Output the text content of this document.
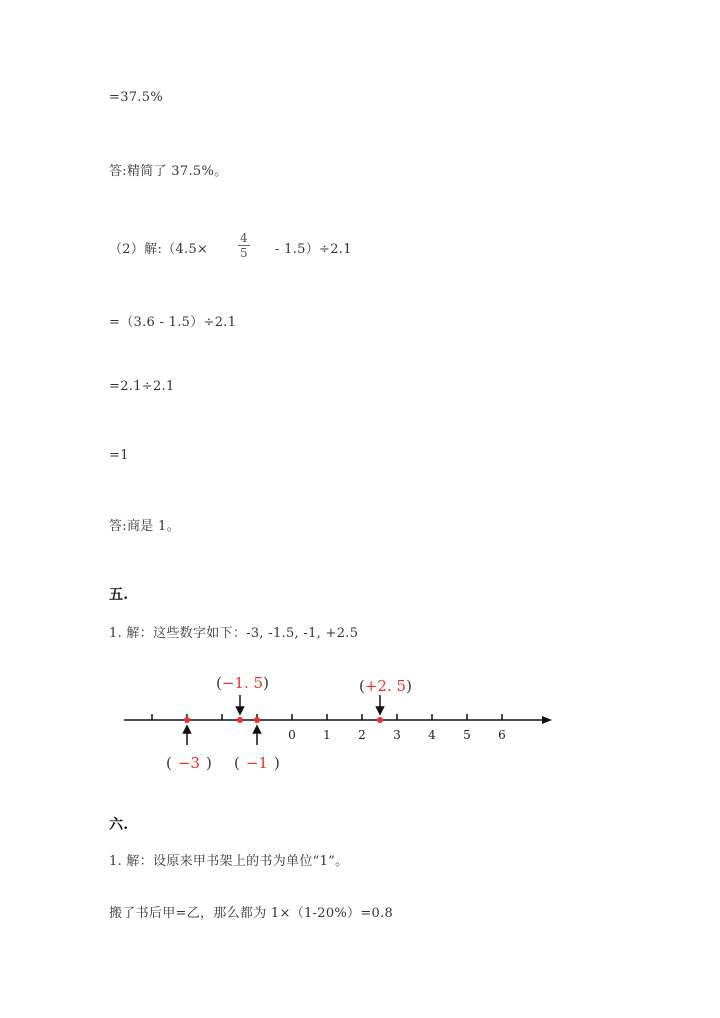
=37.5%
答:精简了 37.5%。
（2）解:（4.5× $\frac{4}{5} - 1.5)\div 2.1$
=（3.6 - 1.5）÷2.1
=2.1÷2.1
=1
答:商是 1。
五.
1. 解：这些数字如下：-3, -1.5, -1, +2.5
0 1 2 3 4 5 6
(−1. 5)	(+2. 5)
( −3 ) ( −1 )
六.
1. 解：设原来甲书架上的书为单位“1”。
搬了书后甲=乙，那么都为 1×（1-20%）=0.8
